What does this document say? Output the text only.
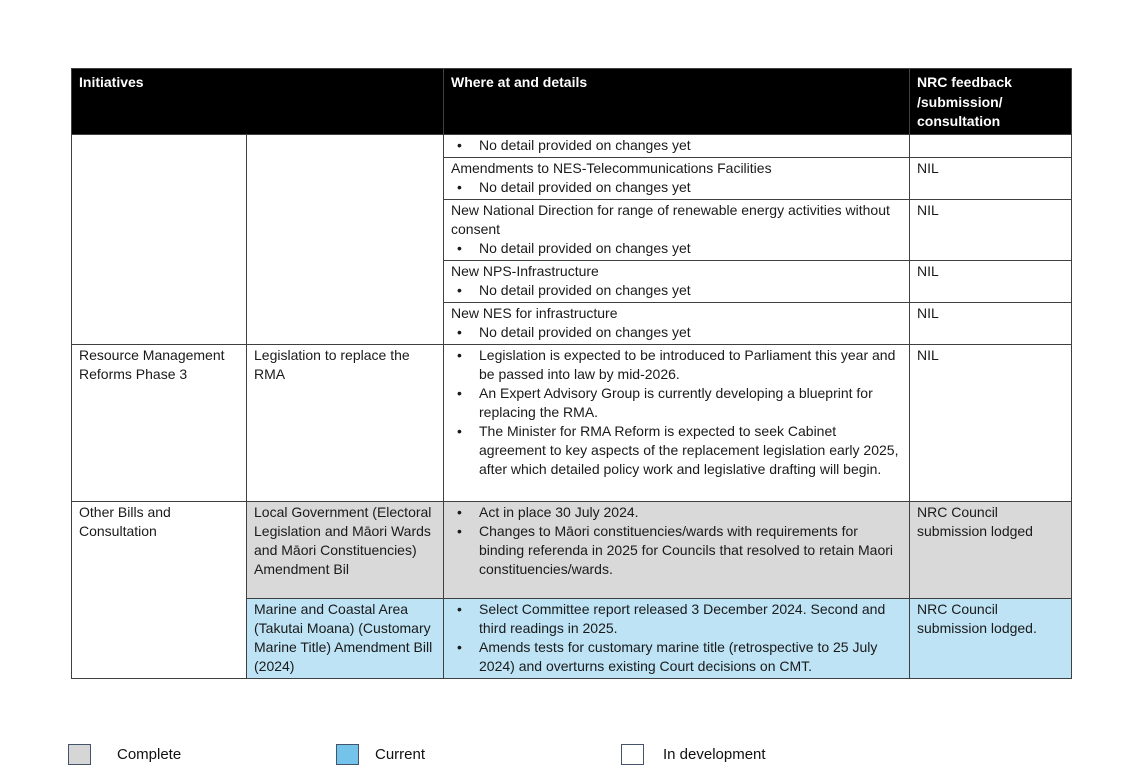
Initiatives		Where at and details	NRC feedback /submission/ consultation

		• No detail provided on changes yet

		Amendments to NES-Telecommunications Facilities
• No detail provided on changes yet	NIL

		New National Direction for range of renewable energy activities without consent
• No detail provided on changes yet	NIL

		New NPS-Infrastructure
• No detail provided on changes yet	NIL

		New NES for infrastructure
• No detail provided on changes yet	NIL
Resource Management Reforms Phase 3	Legislation to replace the RMA	• Legislation is expected to be introduced to Parliament this year and be passed into law by mid-2026.
• An Expert Advisory Group is currently developing a blueprint for replacing the RMA.
• The Minister for RMA Reform is expected to seek Cabinet agreement to key aspects of the replacement legislation early 2025, after which detailed policy work and legislative drafting will begin.	NIL
Other Bills and Consultation	Local Government (Electoral Legislation and Māori Wards and Māori Constituencies) Amendment Bil	• Act in place 30 July 2024.
• Changes to Māori constituencies/wards with requirements for binding referenda in 2025 for Councils that resolved to retain Maori constituencies/wards.	NRC Council submission lodged
	Marine and Coastal Area (Takutai Moana) (Customary Marine Title) Amendment Bill (2024)	• Select Committee report released 3 December 2024. Second and third readings in 2025.
• Amends tests for customary marine title (retrospective to 25 July 2024) and overturns existing Court decisions on CMT.	NRC Council submission lodged.
Complete	Current	In development
